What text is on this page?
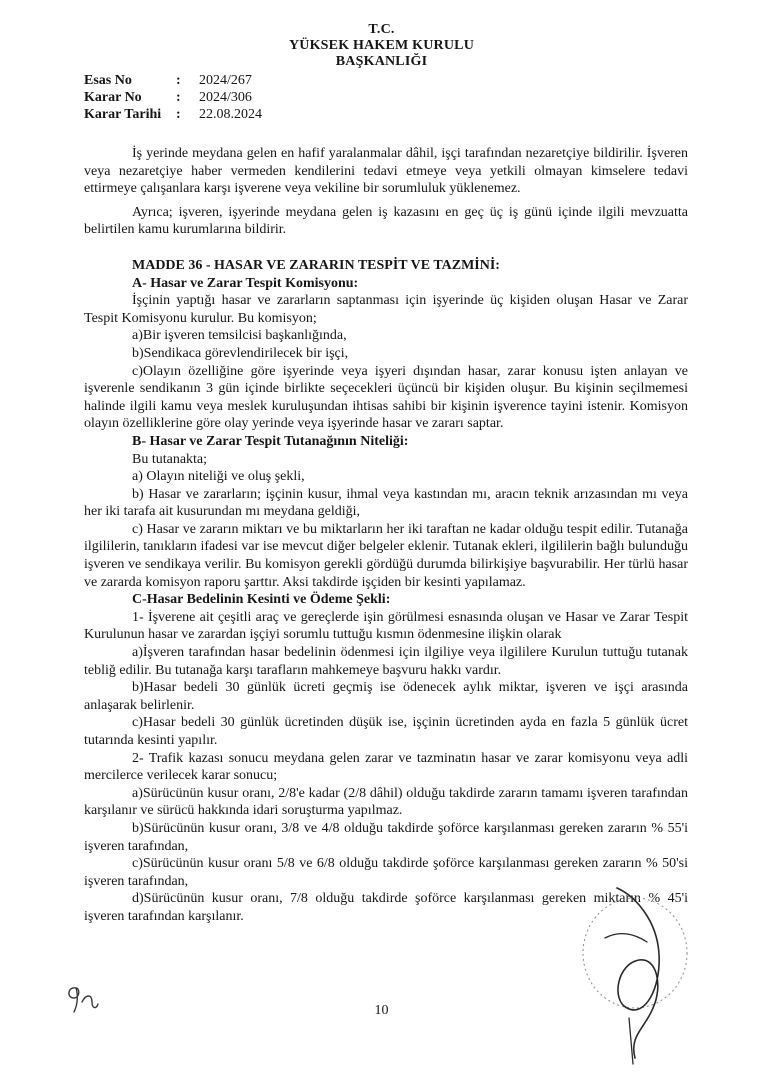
T.C.
YÜKSEK HAKEM KURULU
BAŞKANLIĞI
Esas No	:	2024/267
Karar No	:	2024/306
Karar Tarihi	:	22.08.2024

İş yerinde meydana gelen en hafif yaralanmalar dâhil, işçi tarafından nezaretçiye bildirilir. İşveren veya nezaretçiye haber vermeden kendilerini tedavi etmeye veya yetkili olmayan kimselere tedavi ettirmeye çalışanlara karşı işverene veya vekiline bir sorumluluk yüklenemez.

Ayrıca; işveren, işyerinde meydana gelen iş kazasını en geç üç iş günü içinde ilgili mevzuatta belirtilen kamu kurumlarına bildirir.

MADDE 36 - HASAR VE ZARARIN TESPİT VE TAZMİNİ:

A- Hasar ve Zarar Tespit Komisyonu:

İşçinin yaptığı hasar ve zararların saptanması için işyerinde üç kişiden oluşan Hasar ve Zarar Tespit Komisyonu kurulur. Bu komisyon;

a)Bir işveren temsilcisi başkanlığında,

b)Sendikaca görevlendirilecek bir işçi,

c)Olayın özelliğine göre işyerinde veya işyeri dışından hasar, zarar konusu işten anlayan ve işverenle sendikanın 3 gün içinde birlikte seçecekleri üçüncü bir kişiden oluşur. Bu kişinin seçilmemesi halinde ilgili kamu veya meslek kuruluşundan ihtisas sahibi bir kişinin işverence tayini istenir. Komisyon olayın özelliklerine göre olay yerinde veya işyerinde hasar ve zararı saptar.

B- Hasar ve Zarar Tespit Tutanağının Niteliği:

Bu tutanakta;

a) Olayın niteliği ve oluş şekli,

b) Hasar ve zararların; işçinin kusur, ihmal veya kastından mı, aracın teknik arızasından mı veya her iki tarafa ait kusurundan mı meydana geldiği,

c) Hasar ve zararın miktarı ve bu miktarların her iki taraftan ne kadar olduğu tespit edilir. Tutanağa ilgililerin, tanıkların ifadesi var ise mevcut diğer belgeler eklenir. Tutanak ekleri, ilgililerin bağlı bulunduğu işveren ve sendikaya verilir. Bu komisyon gerekli gördüğü durumda bilirkişiye başvurabilir. Her türlü hasar ve zararda komisyon raporu şarttır. Aksi takdirde işçiden bir kesinti yapılamaz.

C-Hasar Bedelinin Kesinti ve Ödeme Şekli:

1- İşverene ait çeşitli araç ve gereçlerde işin görülmesi esnasında oluşan ve Hasar ve Zarar Tespit Kurulunun hasar ve zarardan işçiyi sorumlu tuttuğu kısmın ödenmesine ilişkin olarak

a)İşveren tarafından hasar bedelinin ödenmesi için ilgiliye veya ilgililere Kurulun tuttuğu tutanak tebliğ edilir. Bu tutanağa karşı tarafların mahkemeye başvuru hakkı vardır.

b)Hasar bedeli 30 günlük ücreti geçmiş ise ödenecek aylık miktar, işveren ve işçi arasında anlaşarak belirlenir.

c)Hasar bedeli 30 günlük ücretinden düşük ise, işçinin ücretinden ayda en fazla 5 günlük ücret tutarında kesinti yapılır.

2- Trafik kazası sonucu meydana gelen zarar ve tazminatın hasar ve zarar komisyonu veya adli mercilerce verilecek karar sonucu;

a)Sürücünün kusur oranı, 2/8'e kadar (2/8 dâhil) olduğu takdirde zararın tamamı işveren tarafından karşılanır ve sürücü hakkında idari soruşturma yapılmaz.

b)Sürücünün kusur oranı, 3/8 ve 4/8 olduğu takdirde şoförce karşılanması gereken zararın % 55'i işveren tarafından,

c)Sürücünün kusur oranı 5/8 ve 6/8 olduğu takdirde şoförce karşılanması gereken zararın % 50'si işveren tarafından,

d)Sürücünün kusur oranı, 7/8 olduğu takdirde şoförce karşılanması gereken miktarın % 45'i işveren tarafından karşılanır.

10
